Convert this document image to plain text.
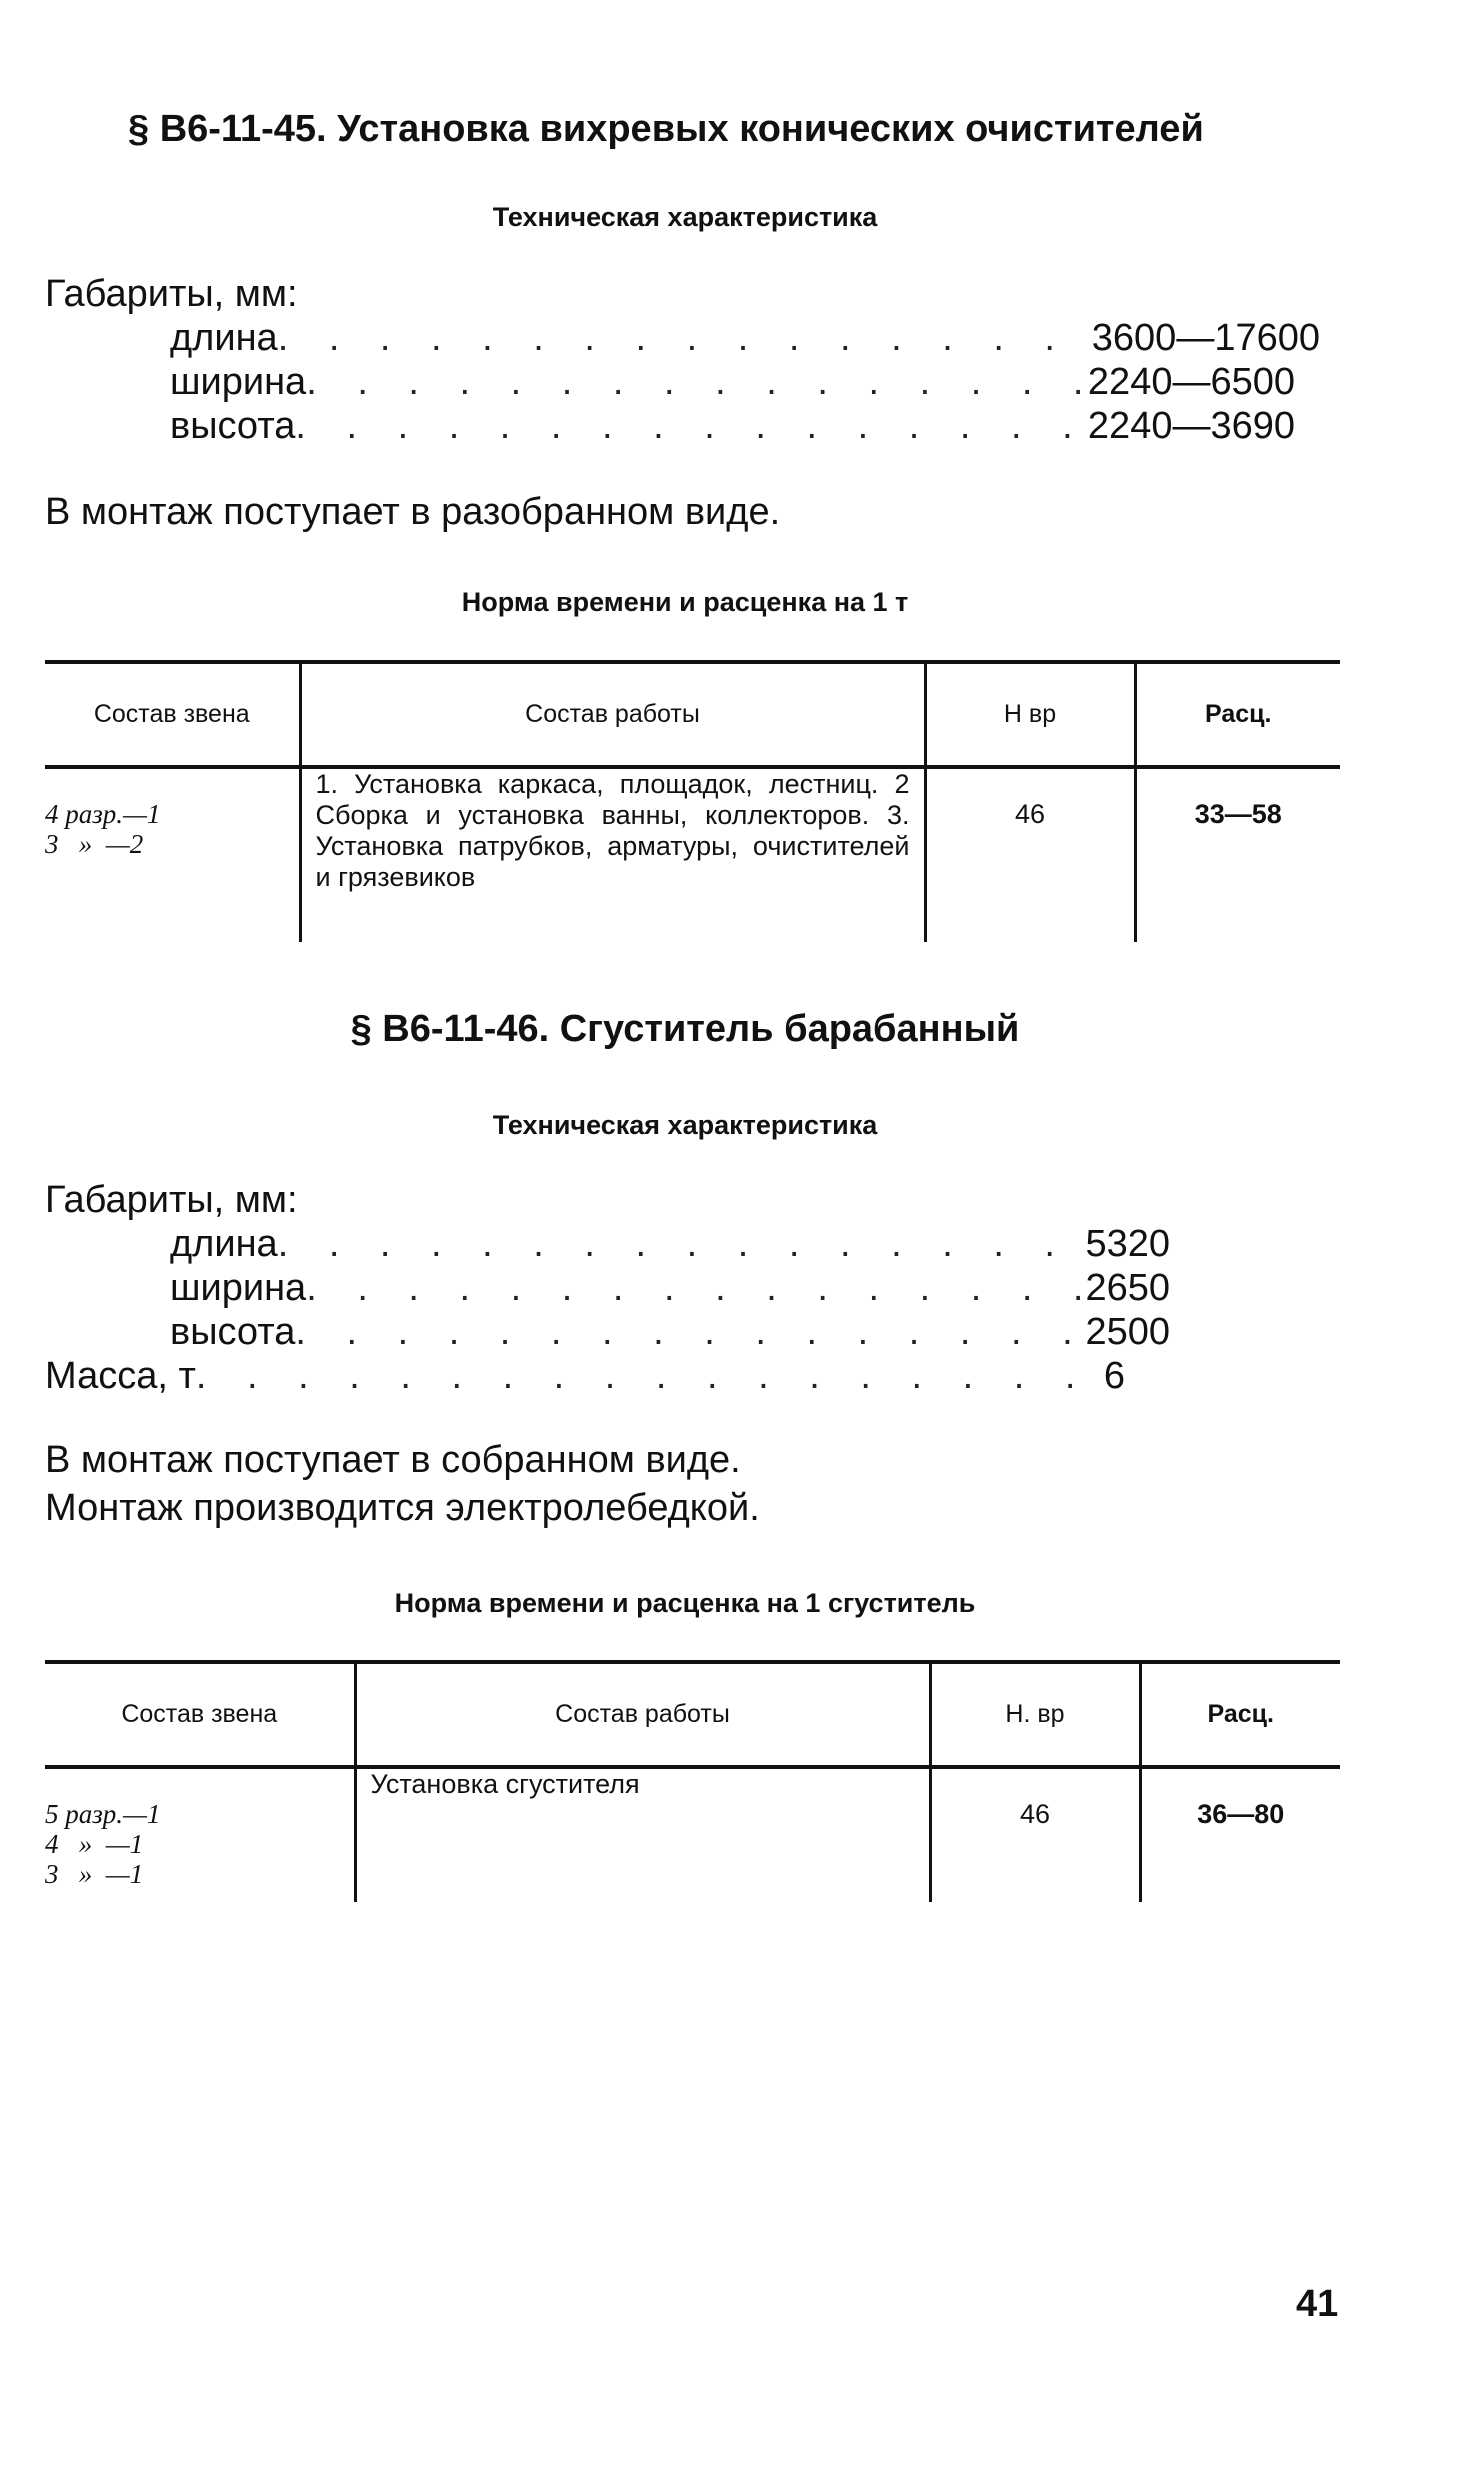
§ В6-11-45. Установка вихревых конических очистителей
Техническая характеристика
Габариты, мм:
длина . . .	3600—17600
ширина . . .	2240—6500
высота . . .	2240—3690
В монтаж поступает в разобранном виде.
Норма времени и расценка на 1 т
Состав звена	Состав работы	Н вр	Расц.
4 разр.—1
3   »  —2	1. Установка каркаса, площадок, лестниц. 2 Сборка и установка ванны, коллекторов. 3. Установка патрубков, арматуры, очистителей и грязевиков	46	33—58
§ В6-11-46. Сгуститель барабанный
Техническая характеристика
Габариты, мм:
длина . . .	5320
ширина . . .	2650
высота . . .	2500
Масса, т . . .	6
В монтаж поступает в собранном виде.
Монтаж производится электролебедкой.
Норма времени и расценка на 1 сгуститель
Состав звена	Состав работы	Н. вр	Расц.
5 разр.—1
4   »  —1
3   »  —1	Установка сгустителя	46	36—80
41
